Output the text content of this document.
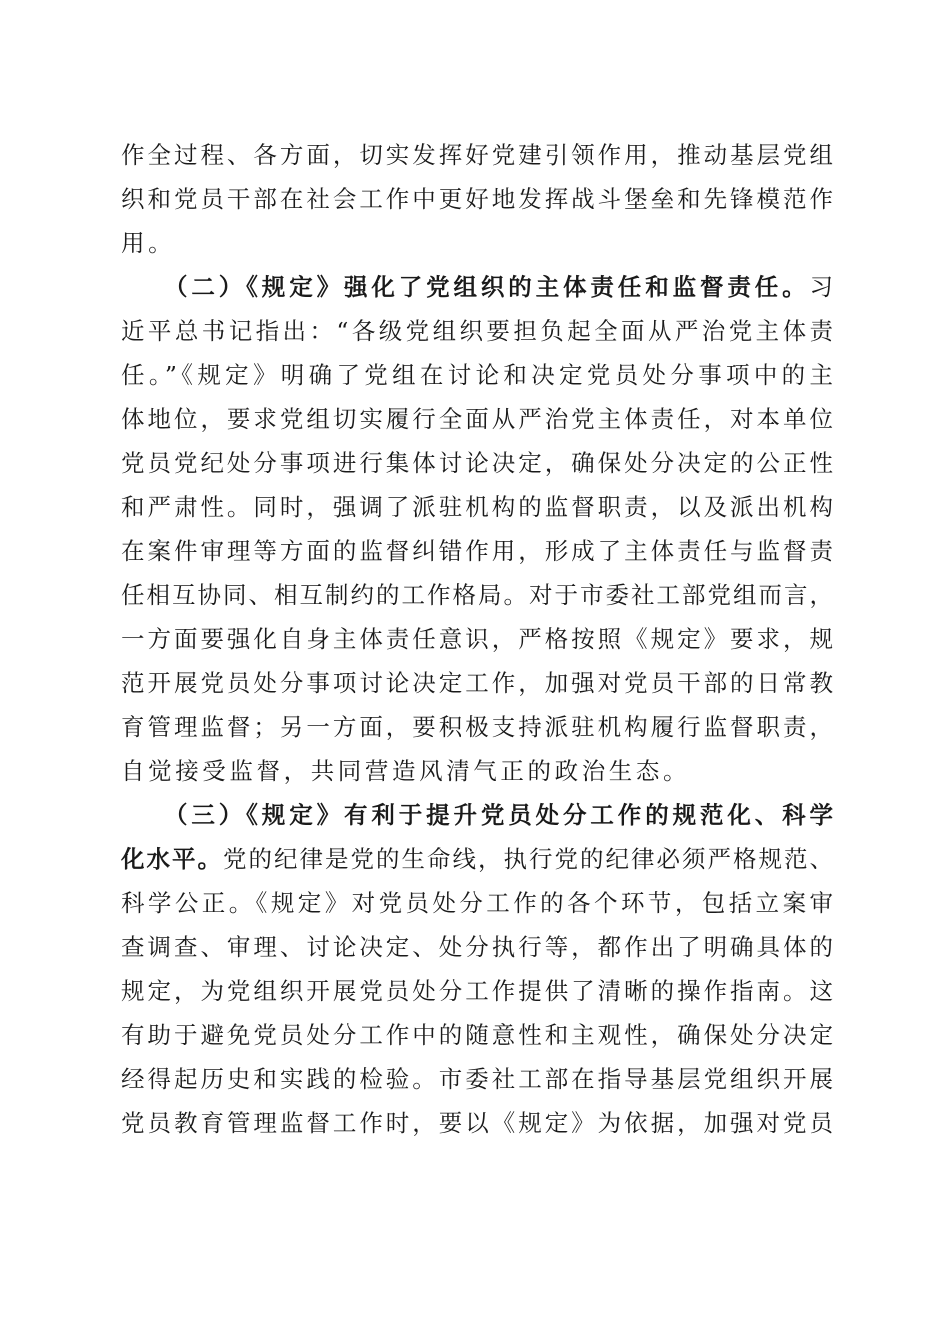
作全过程、各方面，切实发挥好党建引领作用，推动基层党组
织和党员干部在社会工作中更好地发挥战斗堡垒和先锋模范作
用。
　　（二）《规定》强化了党组织的主体责任和监督责任。习
近平总书记指出：“各级党组织要担负起全面从严治党主体责
任。”《规定》明确了党组在讨论和决定党员处分事项中的主
体地位，要求党组切实履行全面从严治党主体责任，对本单位
党员党纪处分事项进行集体讨论决定，确保处分决定的公正性
和严肃性。同时，强调了派驻机构的监督职责，以及派出机构
在案件审理等方面的监督纠错作用，形成了主体责任与监督责
任相互协同、相互制约的工作格局。对于市委社工部党组而言，
一方面要强化自身主体责任意识，严格按照《规定》要求，规
范开展党员处分事项讨论决定工作，加强对党员干部的日常教
育管理监督；另一方面，要积极支持派驻机构履行监督职责，
自觉接受监督，共同营造风清气正的政治生态。
　　（三）《规定》有利于提升党员处分工作的规范化、科学
化水平。党的纪律是党的生命线，执行党的纪律必须严格规范、
科学公正。《规定》对党员处分工作的各个环节，包括立案审
查调查、审理、讨论决定、处分执行等，都作出了明确具体的
规定，为党组织开展党员处分工作提供了清晰的操作指南。这
有助于避免党员处分工作中的随意性和主观性，确保处分决定
经得起历史和实践的检验。市委社工部在指导基层党组织开展
党员教育管理监督工作时，要以《规定》为依据，加强对党员
